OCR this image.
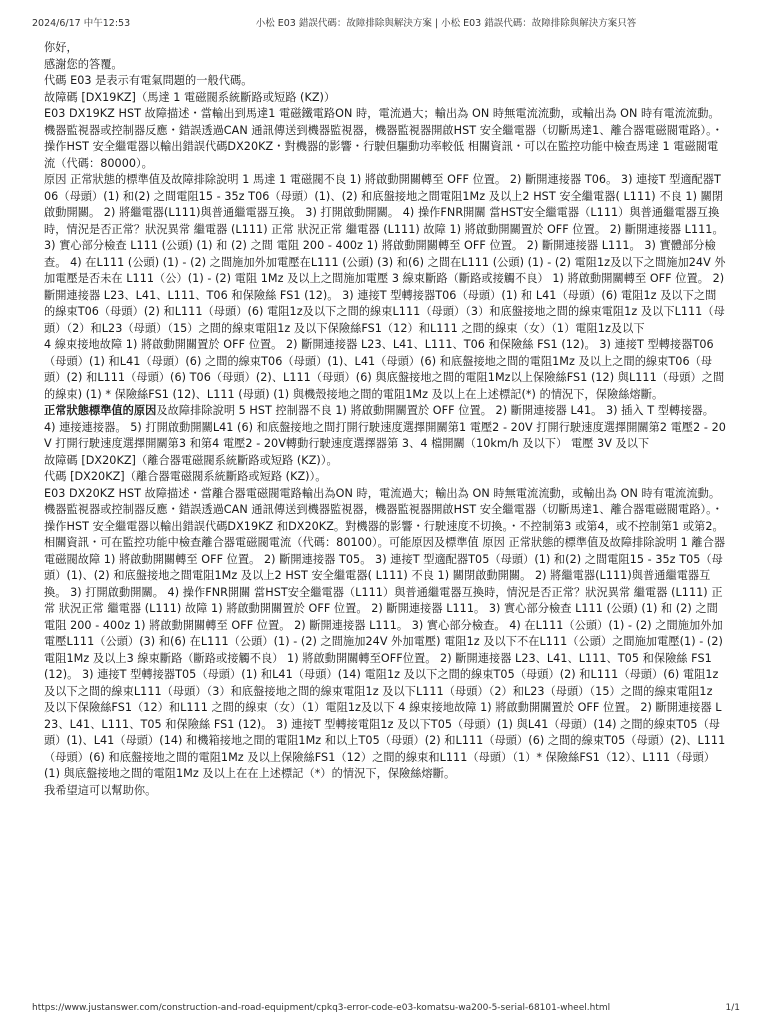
2024/6/17 中午12:53	小松 E03 錯誤代碼：故障排除與解決方案 | 小松 E03 錯誤代碼：故障排除與解決方案只答

你好，

感謝您的答覆。

代碼 E03 是表示有電氣問題的一般代碼。

故障碼 [DX19KZ]（馬達 1 電磁閥系統斷路或短路 (KZ)）

E03 DX19KZ HST 故障描述・當輸出到馬達1 電磁鐵電路ON 時，電流過大；輸出為 ON 時無電流流動，或輸出為 ON 時有電流流動。機器監視器或控制器反應・錯誤透過CAN 通訊傳送到機器監視器，機器監視器開啟HST 安全繼電器（切斷馬達1、離合器電磁閥電路）。・操作HST 安全繼電器以輸出錯誤代碼DX20KZ・對機器的影響・行駛但驅動功率較低 相關資訊・可以在監控功能中檢查馬達 1 電磁閥電流（代碼：80000）。

原因 正常狀態的標準值及故障排除說明 1 馬達 1 電磁閥不良 1) 將啟動開關轉至 OFF 位置。 2) 斷開連接器 T06。 3) 連接T 型適配器T06（母頭）(1) 和(2) 之間電阻15 - 35z T06（母頭）(1)、(2) 和底盤接地之間電阻1Mz 及以上2 HST 安全繼電器( L111) 不良 1) 關閉啟動開關。 2) 將繼電器(L111)與普通繼電器互換。 3) 打開啟動開關。 4) 操作FNR開關 當HST安全繼電器（L111）與普通繼電器互換時，情況是否正常？狀況異常 繼電器 (L111) 正常 狀況正常 繼電器 (L111) 故障 1) 將啟動開關置於 OFF 位置。 2) 斷開連接器 L111。 3) 實心部分檢查 L111 (公頭) (1) 和 (2) 之間 電阻 200 - 400z 1) 將啟動開關轉至 OFF 位置。 2) 斷開連接器 L111。 3) 實體部分檢查。 4) 在L111 (公頭) (1) - (2) 之間施加外加電壓在L111 (公頭) (3) 和(6) 之間在L111 (公頭) (1) - (2) 電阻1z及以下之間施加24V 外加電壓是否未在 L111（公）(1) - (2) 電阻 1Mz 及以上之間施加電壓 3 線束斷路（斷路或接觸不良） 1) 將啟動開關轉至 OFF 位置。 2) 斷開連接器 L23、L41、L111、T06 和保險絲 FS1 (12)。 3) 連接T 型轉接器T06（母頭）(1) 和 L41（母頭）(6) 電阻1z 及以下之間的線束T06（母頭）(2) 和L111（母頭）(6) 電阻1z及以下之間的線束L111（母頭）（3）和底盤接地之間的線束電阻1z 及以下L111（母頭）（2）和L23（母頭）（15）之間的線束電阻1z 及以下保險絲FS1（12）和L111 之間的線束（女）（1）電阻1z及以下

4 線束接地故障 1) 將啟動開關置於 OFF 位置。 2) 斷開連接器 L23、L41、L111、T06 和保險絲 FS1 (12)。 3) 連接T 型轉接器T06（母頭）(1) 和L41（母頭）(6) 之間的線束T06（母頭）(1)、L41（母頭）(6) 和底盤接地之間的電阻1Mz 及以上之間的線束T06（母頭）(2) 和L111（母頭）(6) T06（母頭）(2)、L111（母頭）(6) 與底盤接地之間的電阻1Mz以上保險絲FS1 (12) 與L111（母頭）之間的線束) (1) * 保險絲FS1 (12)、L111 (母頭) (1) 與機殼接地之間的電阻1Mz 及以上在上述標記(*) 的情況下，保險絲熔斷。

正常狀態標準值的原因及故障排除說明 5 HST 控制器不良 1) 將啟動開關置於 OFF 位置。 2) 斷開連接器 L41。 3) 插入 T 型轉接器。 4) 連接連接器。 5) 打開啟動開關L41 (6) 和底盤接地之間打開行駛速度選擇開關第1 電壓2 - 20V 打開行駛速度選擇開關第2 電壓2 - 20V 打開行駛速度選擇開關第3 和第4 電壓2 - 20V轉動行駛速度選擇器第 3、4 檔開關（10km/h 及以下） 電壓 3V 及以下

故障碼 [DX20KZ]（離合器電磁閥系統斷路或短路 (KZ)）。

代碼 [DX20KZ]（離合器電磁閥系統斷路或短路 (KZ)）。

E03 DX20KZ HST 故障描述・當離合器電磁閥電路輸出為ON 時，電流過大；輸出為 ON 時無電流流動，或輸出為 ON 時有電流流動。機器監視器或控制器反應・錯誤透過CAN 通訊傳送到機器監視器，機器監視器開啟HST 安全繼電器（切斷馬達1、離合器電磁閥電路）。・操作HST 安全繼電器以輸出錯誤代碼DX19KZ 和DX20KZ。對機器的影響・行駛速度不切換。・不控制第3 或第4，或不控制第1 或第2。相關資訊・可在監控功能中檢查離合器電磁閥電流（代碼：80100）。可能原因及標準值 原因 正常狀態的標準值及故障排除說明 1 離合器電磁閥故障 1) 將啟動開關轉至 OFF 位置。 2) 斷開連接器 T05。 3) 連接T 型適配器T05（母頭）(1) 和(2) 之間電阻15 - 35z T05（母頭）(1)、(2) 和底盤接地之間電阻1Mz 及以上2 HST 安全繼電器( L111) 不良 1) 關閉啟動開關。 2) 將繼電器(L111)與普通繼電器互換。 3) 打開啟動開關。 4) 操作FNR開關 當HST安全繼電器（L111）與普通繼電器互換時，情況是否正常？狀況異常 繼電器 (L111) 正常 狀況正常 繼電器 (L111) 故障 1) 將啟動開關置於 OFF 位置。 2) 斷開連接器 L111。 3) 實心部分檢查 L111 (公頭) (1) 和 (2) 之間 電阻 200 - 400z 1) 將啟動開關轉至 OFF 位置。 2) 斷開連接器 L111。 3) 實心部分檢查。 4) 在L111（公頭）(1) - (2) 之間施加外加電壓L111（公頭）(3) 和(6) 在L111（公頭）(1) - (2) 之間施加24V 外加電壓) 電阻1z 及以下不在L111（公頭）之間施加電壓(1) - (2) 電阻1Mz 及以上3 線束斷路（斷路或接觸不良） 1) 將啟動開關轉至OFF位置。 2) 斷開連接器 L23、L41、L111、T05 和保險絲 FS1 (12)。 3) 連接T 型轉接器T05（母頭）(1) 和L41（母頭）(14) 電阻1z 及以下之間的線束T05（母頭）(2) 和L111（母頭）(6) 電阻1z及以下之間的線束L111（母頭）（3）和底盤接地之間的線束電阻1z 及以下L111（母頭）（2）和L23（母頭）（15）之間的線束電阻1z 及以下保險絲FS1（12）和L111 之間的線束（女）（1）電阻1z及以下 4 線束接地故障 1) 將啟動開關置於 OFF 位置。 2) 斷開連接器 L23、L41、L111、T05 和保險絲 FS1 (12)。 3) 連接T 型轉接電阻1z 及以下T05（母頭）(1) 與L41（母頭）(14) 之間的線束T05（母頭）(1)、L41（母頭）(14) 和機箱接地之間的電阻1Mz 和以上T05（母頭）(2) 和L111（母頭）(6) 之間的線束T05（母頭）(2)、L111（母頭）(6) 和底盤接地之間的電阻1Mz 及以上保險絲FS1（12）之間的線束和L111（母頭）（1）* 保險絲FS1（12）、L111（母頭）(1) 與底盤接地之間的電阻1Mz 及以上在在上述標記（*）的情況下，保險絲熔斷。

我希望這可以幫助你。

https://www.justanswer.com/construction-and-road-equipment/cpkq3-error-code-e03-komatsu-wa200-5-serial-68101-wheel.html	1/1
